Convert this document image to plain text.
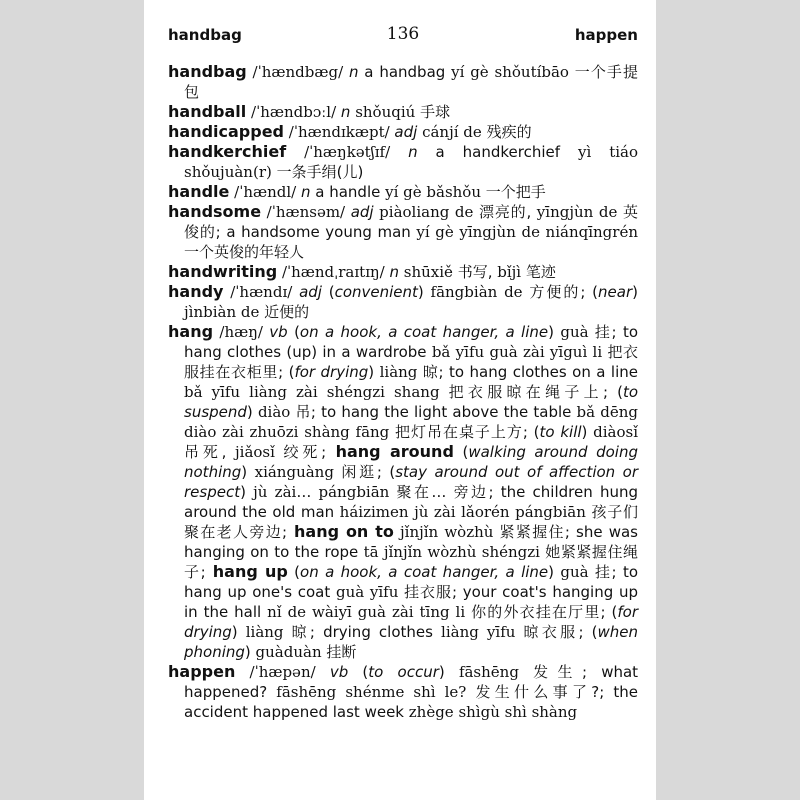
handbag	136	happen
handbag /ˈhændbæg/ n a handbag yí gè shǒutíbāo 一个手提包
handball /ˈhændbɔːl/ n shǒuqiú 手球
handicapped /ˈhændɪkæpt/ adj cánjí de 残疾的
handkerchief /ˈhæŋkətʃɪf/ n a handkerchief yì tiáo shǒujuàn(r) 一条手绢(儿)
handle /ˈhændl/ n a handle yí gè bǎshǒu 一个把手
handsome /ˈhænsəm/ adj piàoliang de 漂亮的, yīngjùn de 英俊的; a handsome young man yí gè yīngjùn de niánqīngrén 一个英俊的年轻人
handwriting /ˈhændˌraɪtɪŋ/ n shūxiě 书写, bǐjì 笔迹
handy /ˈhændɪ/ adj (convenient) fāngbiàn de 方便的; (near) jìnbiàn de 近便的
hang /hæŋ/ vb (on a hook, a coat hanger, a line) guà 挂; to hang clothes (up) in a wardrobe bǎ yīfu guà zài yīguì li 把衣服挂在衣柜里; (for drying) liàng 晾; to hang clothes on a line bǎ yīfu liàng zài shéngzi shang 把衣服晾在绳子上; (to suspend) diào 吊; to hang the light above the table bǎ dēng diào zài zhuōzi shàng fāng 把灯吊在桌子上方; (to kill) diàosǐ 吊死, jiǎosǐ 绞死; hang around (walking around doing nothing) xiánguàng 闲逛; (stay around out of affection or respect) jù zài… pángbiān 聚在… 旁边; the children hung around the old man háizimen jù zài lǎorén pángbiān 孩子们聚在老人旁边; hang on to jǐnjǐn wòzhù 紧紧握住; she was hanging on to the rope tā jǐnjǐn wòzhù shéngzi 她紧紧握住绳子; hang up (on a hook, a coat hanger, a line) guà 挂; to hang up one's coat guà yīfu 挂衣服; your coat's hanging up in the hall nǐ de wàiyī guà zài tīng li 你的外衣挂在厅里; (for drying) liàng 晾; drying clothes liàng yīfu 晾衣服; (when phoning) guàduàn 挂断
happen /ˈhæpən/ vb (to occur) fāshēng 发生; what happened? fāshēng shénme shì le? 发生什么事了?; the accident happened last week zhège shìgù shì shàng
